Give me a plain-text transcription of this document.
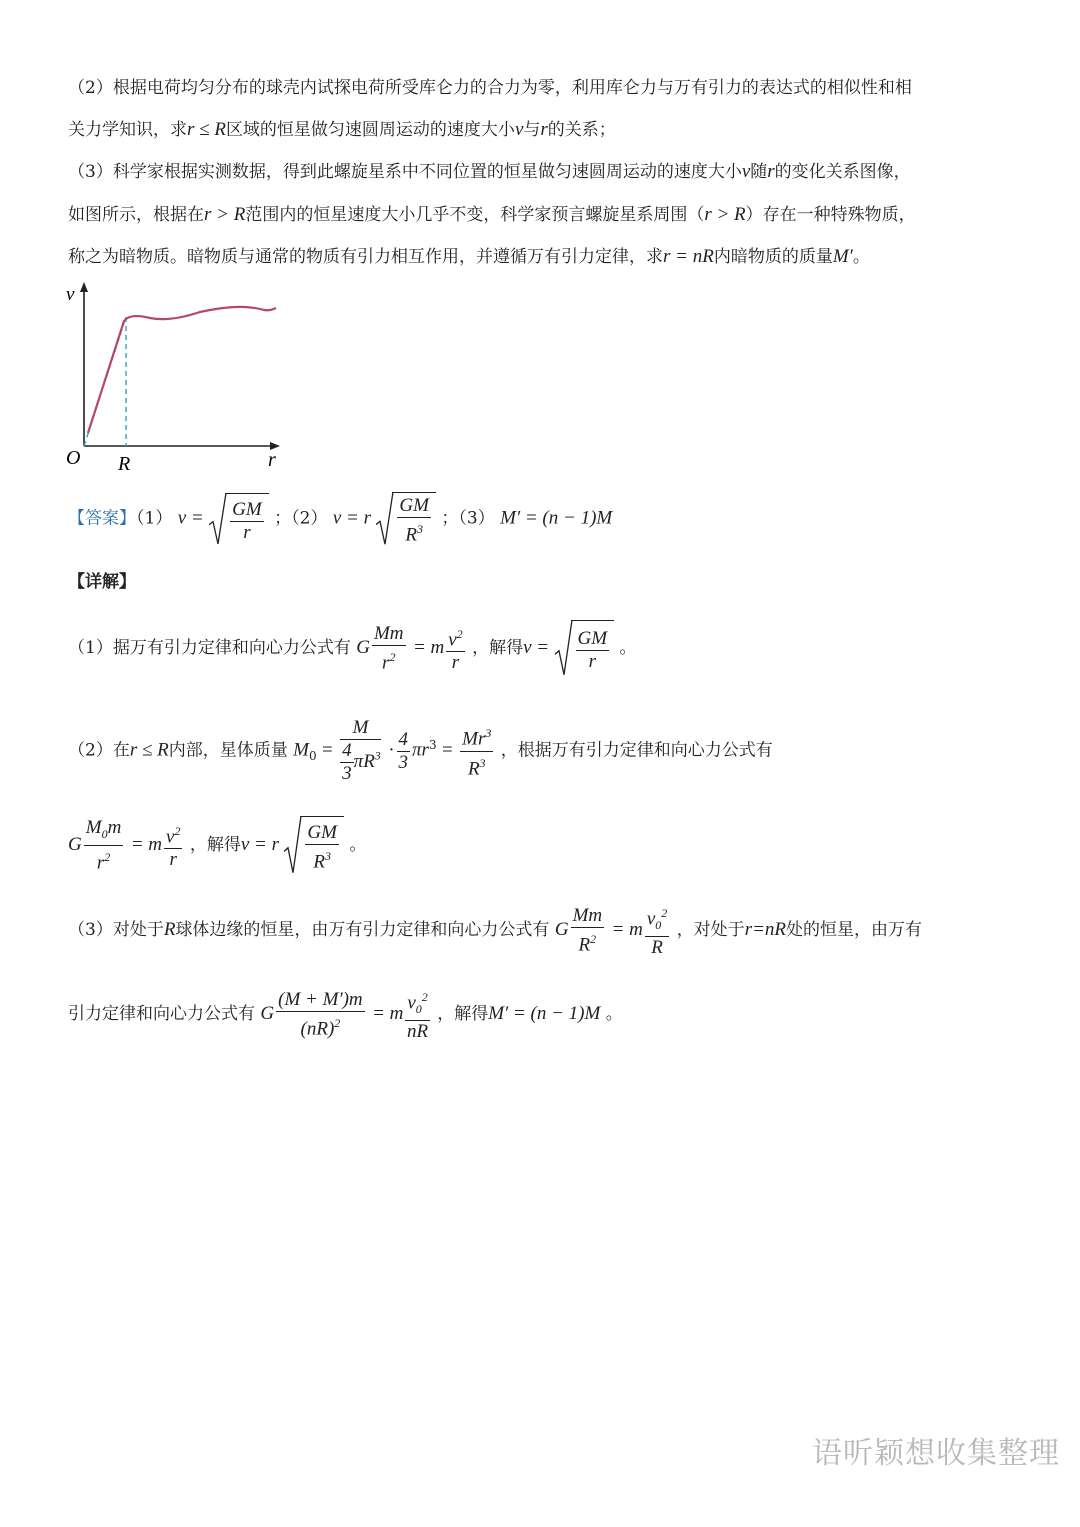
（2）根据电荷均匀分布的球壳内试探电荷所受库仑力的合力为零，利用库仑力与万有引力的表达式的相似性和相
关力学知识，求r ≤ R区域的恒星做匀速圆周运动的速度大小v与r的关系；
（3）科学家根据实测数据，得到此螺旋星系中不同位置的恒星做匀速圆周运动的速度大小v随r的变化关系图像，
如图所示，根据在r > R范围内的恒星速度大小几乎不变，科学家预言螺旋星系周围（r > R）存在一种特殊物质，
称之为暗物质。暗物质与通常的物质有引力相互作用，并遵循万有引力定律，求r = nR内暗物质的质量M′。
v
O R	r
【答案】（1） $v = \frac{GM}{r}$ ；（2） v = r $\frac{GM}{R^3}$ ；（3） M′ = (n − 1)M
【详解】
（1）据万有引力定律和向心力公式有 G $\frac{Mm}{r^2} = m \frac{v^2}{r}$ ，解得$v = \frac{GM}{r}$ 。
（2）在r ≤ R内部，星体质量 $M_0 = \frac{M}{\frac{4}{3} \pi R^3} \cdot \frac{4}{3} \pi r^3 = \frac{Mr^3}{R^3}$ ，根据万有引力定律和向心力公式有
G $\frac{M_0m}{r^2} = m \frac{v^2}{r}$ ，解得v = r $\frac{GM}{R^3}$ 。
（3）对处于R球体边缘的恒星，由万有引力定律和向心力公式有 G $\frac{Mm}{R^2} = m \frac{v_0^2}{R}$ ，对处于r=nR处的恒星，由万有
引力定律和向心力公式有 G $\frac{(M + M')m}{(nR)^2} = m \frac{v_0^2}{nR}$ ，解得M′ = (n − 1)M 。
语听颖想收集整理
